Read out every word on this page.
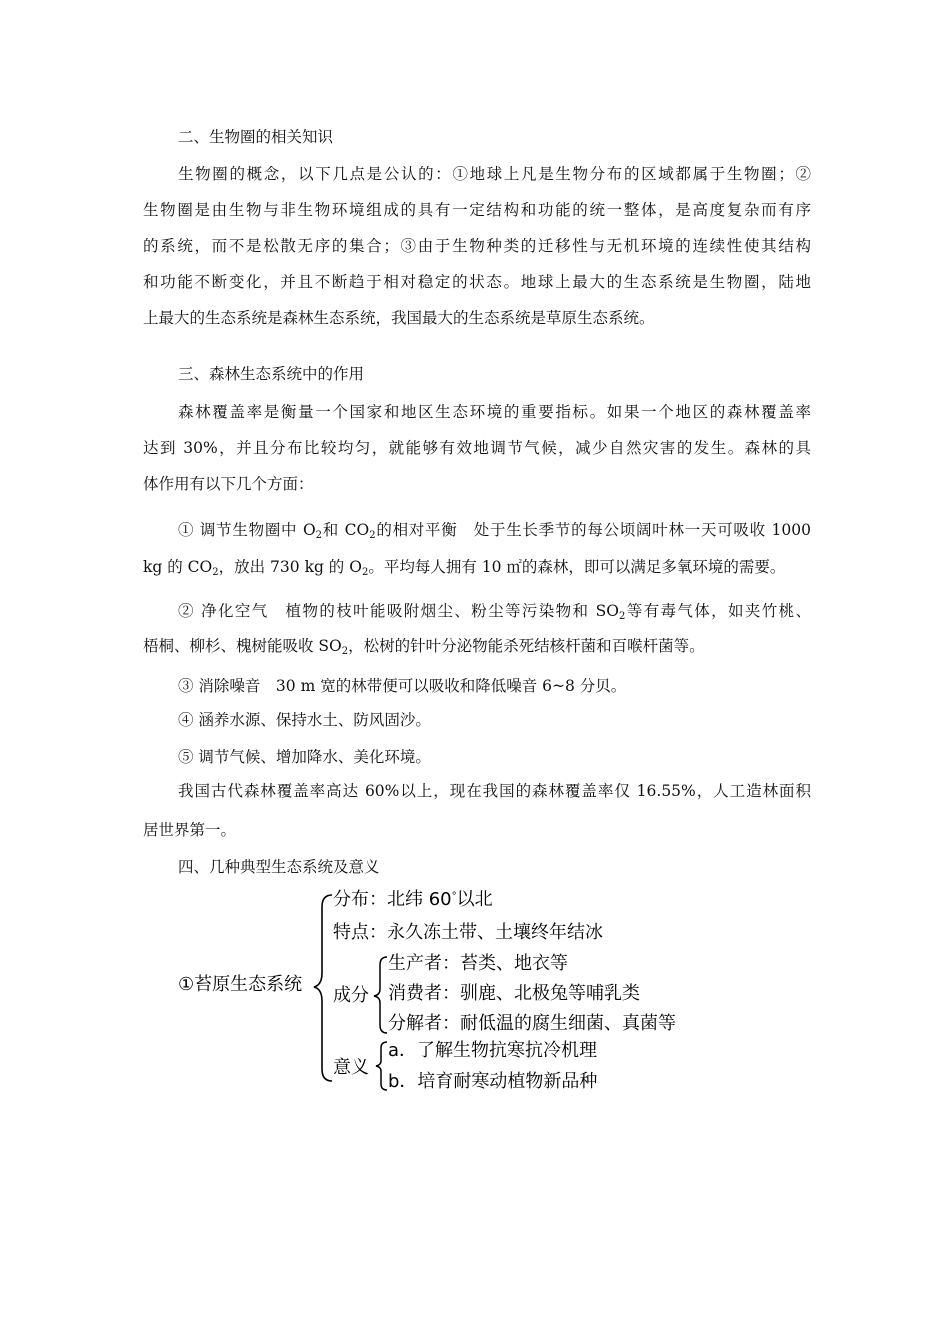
二、生物圈的相关知识
生物圈的概念，以下几点是公认的：①地球上凡是生物分布的区域都属于生物圈；②
生物圈是由生物与非生物环境组成的具有一定结构和功能的统一整体，是高度复杂而有序
的系统，而不是松散无序的集合；③由于生物种类的迁移性与无机环境的连续性使其结构
和功能不断变化，并且不断趋于相对稳定的状态。地球上最大的生态系统是生物圈，陆地
上最大的生态系统是森林生态系统，我国最大的生态系统是草原生态系统。
三、森林生态系统中的作用
森林覆盖率是衡量一个国家和地区生态环境的重要指标。如果一个地区的森林覆盖率
达到 30%，并且分布比较均匀，就能够有效地调节气候，减少自然灾害的发生。森林的具
体作用有以下几个方面：
① 调节生物圈中 $O_2$和 $CO_2$的相对平衡　处于生长季节的每公顷阔叶林一天可吸收 1000
kg 的 $CO_2$，放出 730 kg 的 $O_2$。平均每人拥有 10 ㎡的森林，即可以满足多氧环境的需要。
② 净化空气　植物的枝叶能吸附烟尘、粉尘等污染物和 $SO_2$等有毒气体，如夹竹桃、
梧桐、柳杉、槐树能吸收 $SO_2$，松树的针叶分泌物能杀死结核杆菌和百喉杆菌等。
③ 消除噪音　30 m 宽的林带便可以吸收和降低噪音 6~8 分贝。
④ 涵养水源、保持水土、防风固沙。
⑤ 调节气候、增加降水、美化环境。
我国古代森林覆盖率高达 60%以上，现在我国的森林覆盖率仅 16.55%，人工造林面积
居世界第一。
四、几种典型生态系统及意义
①苔原生态系统
分布：北纬 60°以北
特点：永久冻土带、土壤终年结冰
成分
生产者：苔类、地衣等
消费者：驯鹿、北极兔等哺乳类
分解者：耐低温的腐生细菌、真菌等
意义
a．了解生物抗寒抗冷机理
b．培育耐寒动植物新品种
